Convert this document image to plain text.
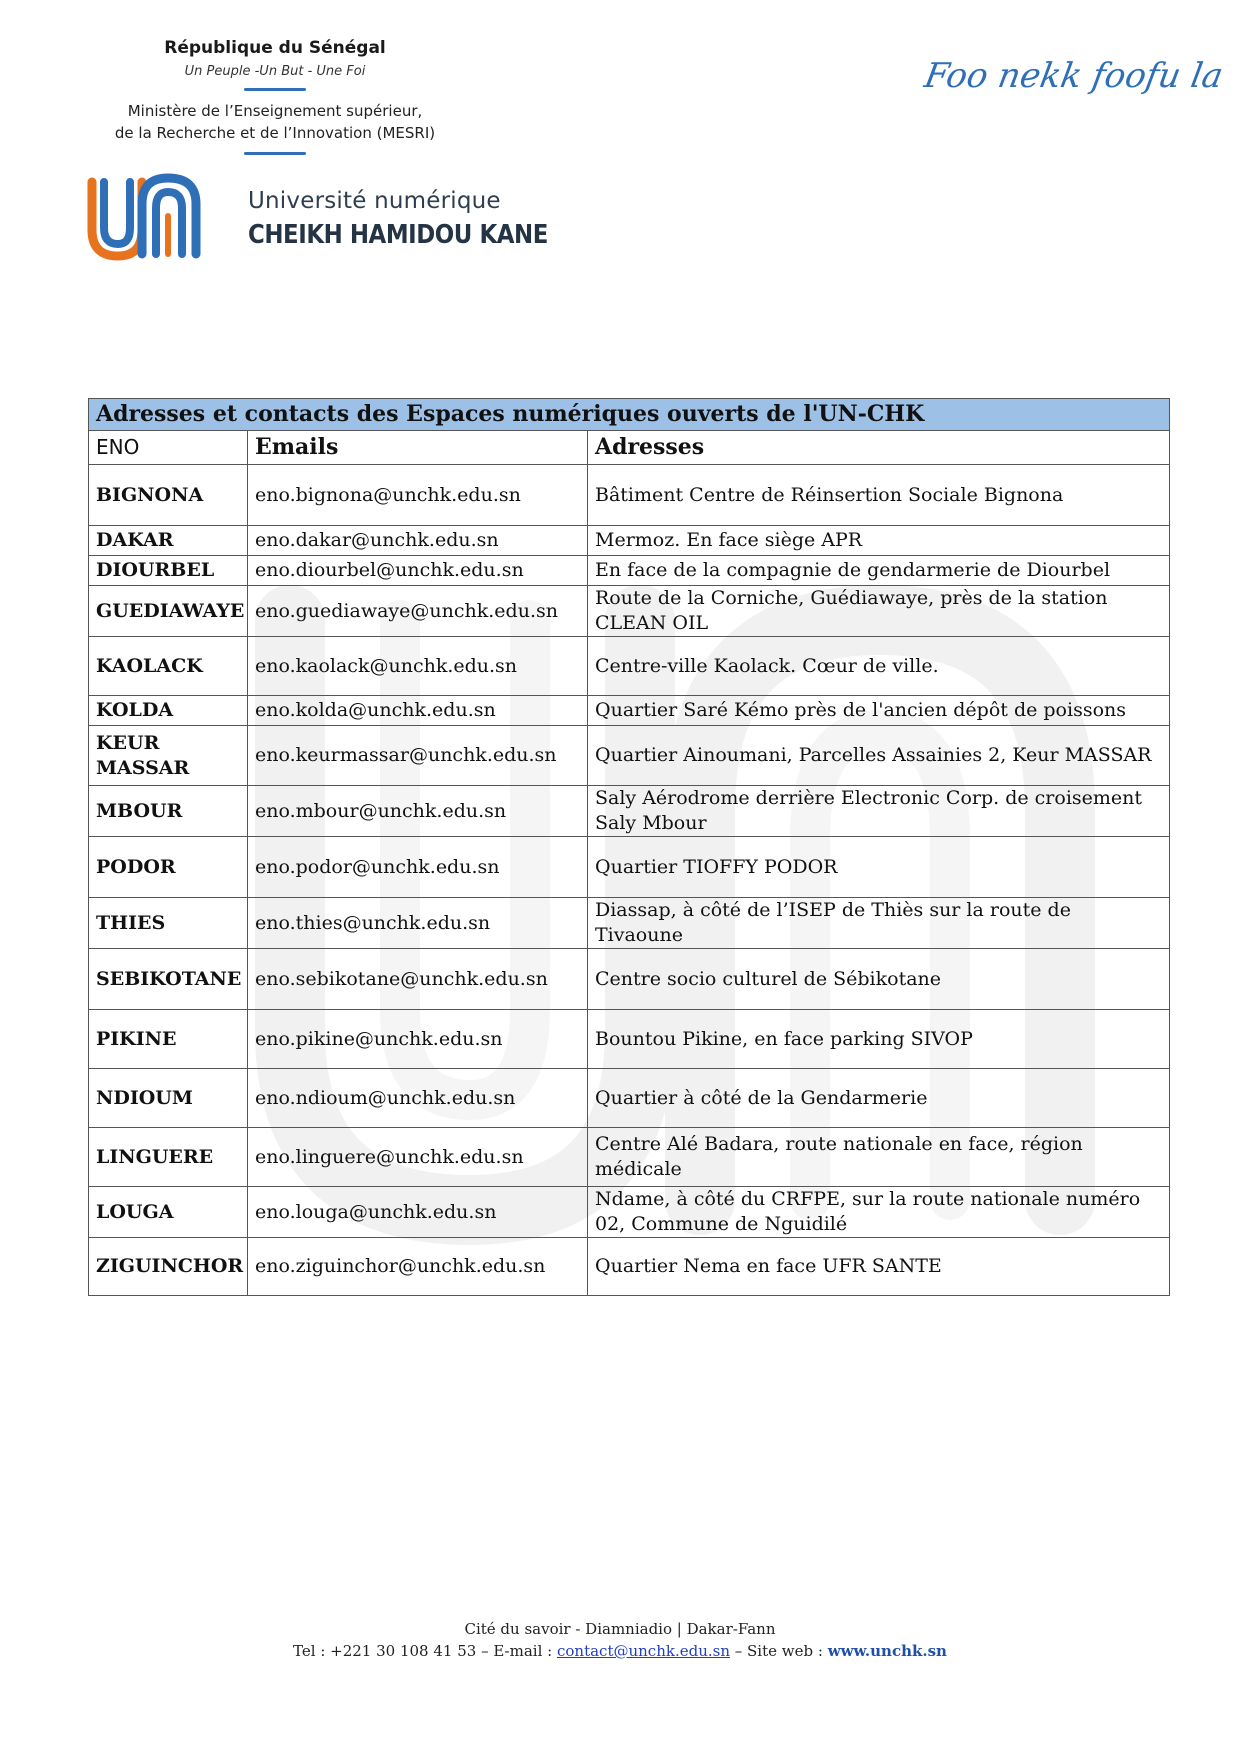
République du Sénégal
Un Peuple -Un But - Une Foi
Ministère de l’Enseignement supérieur,
de la Recherche et de l’Innovation (MESRI)
Université numérique
CHEIKH HAMIDOU KANE
Foo nekk foofu la
Adresses et contacts des Espaces numériques ouverts de l'UN-CHK		
ENO	Emails	Adresses
BIGNONA	eno.bignona@unchk.edu.sn	Bâtiment Centre de Réinsertion Sociale Bignona
DAKAR	eno.dakar@unchk.edu.sn	Mermoz. En face siège APR
DIOURBEL	eno.diourbel@unchk.edu.sn	En face de la compagnie de gendarmerie de Diourbel
GUEDIAWAYE	eno.guediawaye@unchk.edu.sn	Route de la Corniche, Guédiawaye, près de la station CLEAN OIL
KAOLACK	eno.kaolack@unchk.edu.sn	Centre-ville Kaolack. Cœur de ville.
KOLDA	eno.kolda@unchk.edu.sn	Quartier Saré Kémo près de l'ancien dépôt de poissons
KEUR MASSAR	eno.keurmassar@unchk.edu.sn	Quartier Ainoumani, Parcelles Assainies 2, Keur MASSAR
MBOUR	eno.mbour@unchk.edu.sn	Saly Aérodrome derrière Electronic Corp. de croisement Saly Mbour
PODOR	eno.podor@unchk.edu.sn	Quartier TIOFFY PODOR
THIES	eno.thies@unchk.edu.sn	Diassap, à côté de l’ISEP de Thiès sur la route de Tivaoune
SEBIKOTANE	eno.sebikotane@unchk.edu.sn	Centre socio culturel de Sébikotane
PIKINE	eno.pikine@unchk.edu.sn	Bountou Pikine, en face parking SIVOP
NDIOUM	eno.ndioum@unchk.edu.sn	Quartier à côté de la Gendarmerie
LINGUERE	eno.linguere@unchk.edu.sn	Centre Alé Badara, route nationale en face, région médicale
LOUGA	eno.louga@unchk.edu.sn	Ndame, à côté du CRFPE, sur la route nationale numéro 02, Commune de Nguidilé
ZIGUINCHOR	eno.ziguinchor@unchk.edu.sn	Quartier Nema en face UFR SANTE
Cité du savoir - Diamniadio | Dakar-Fann
Tel : +221 30 108 41 53 – E-mail : contact@unchk.edu.sn – Site web : www.unchk.sn
